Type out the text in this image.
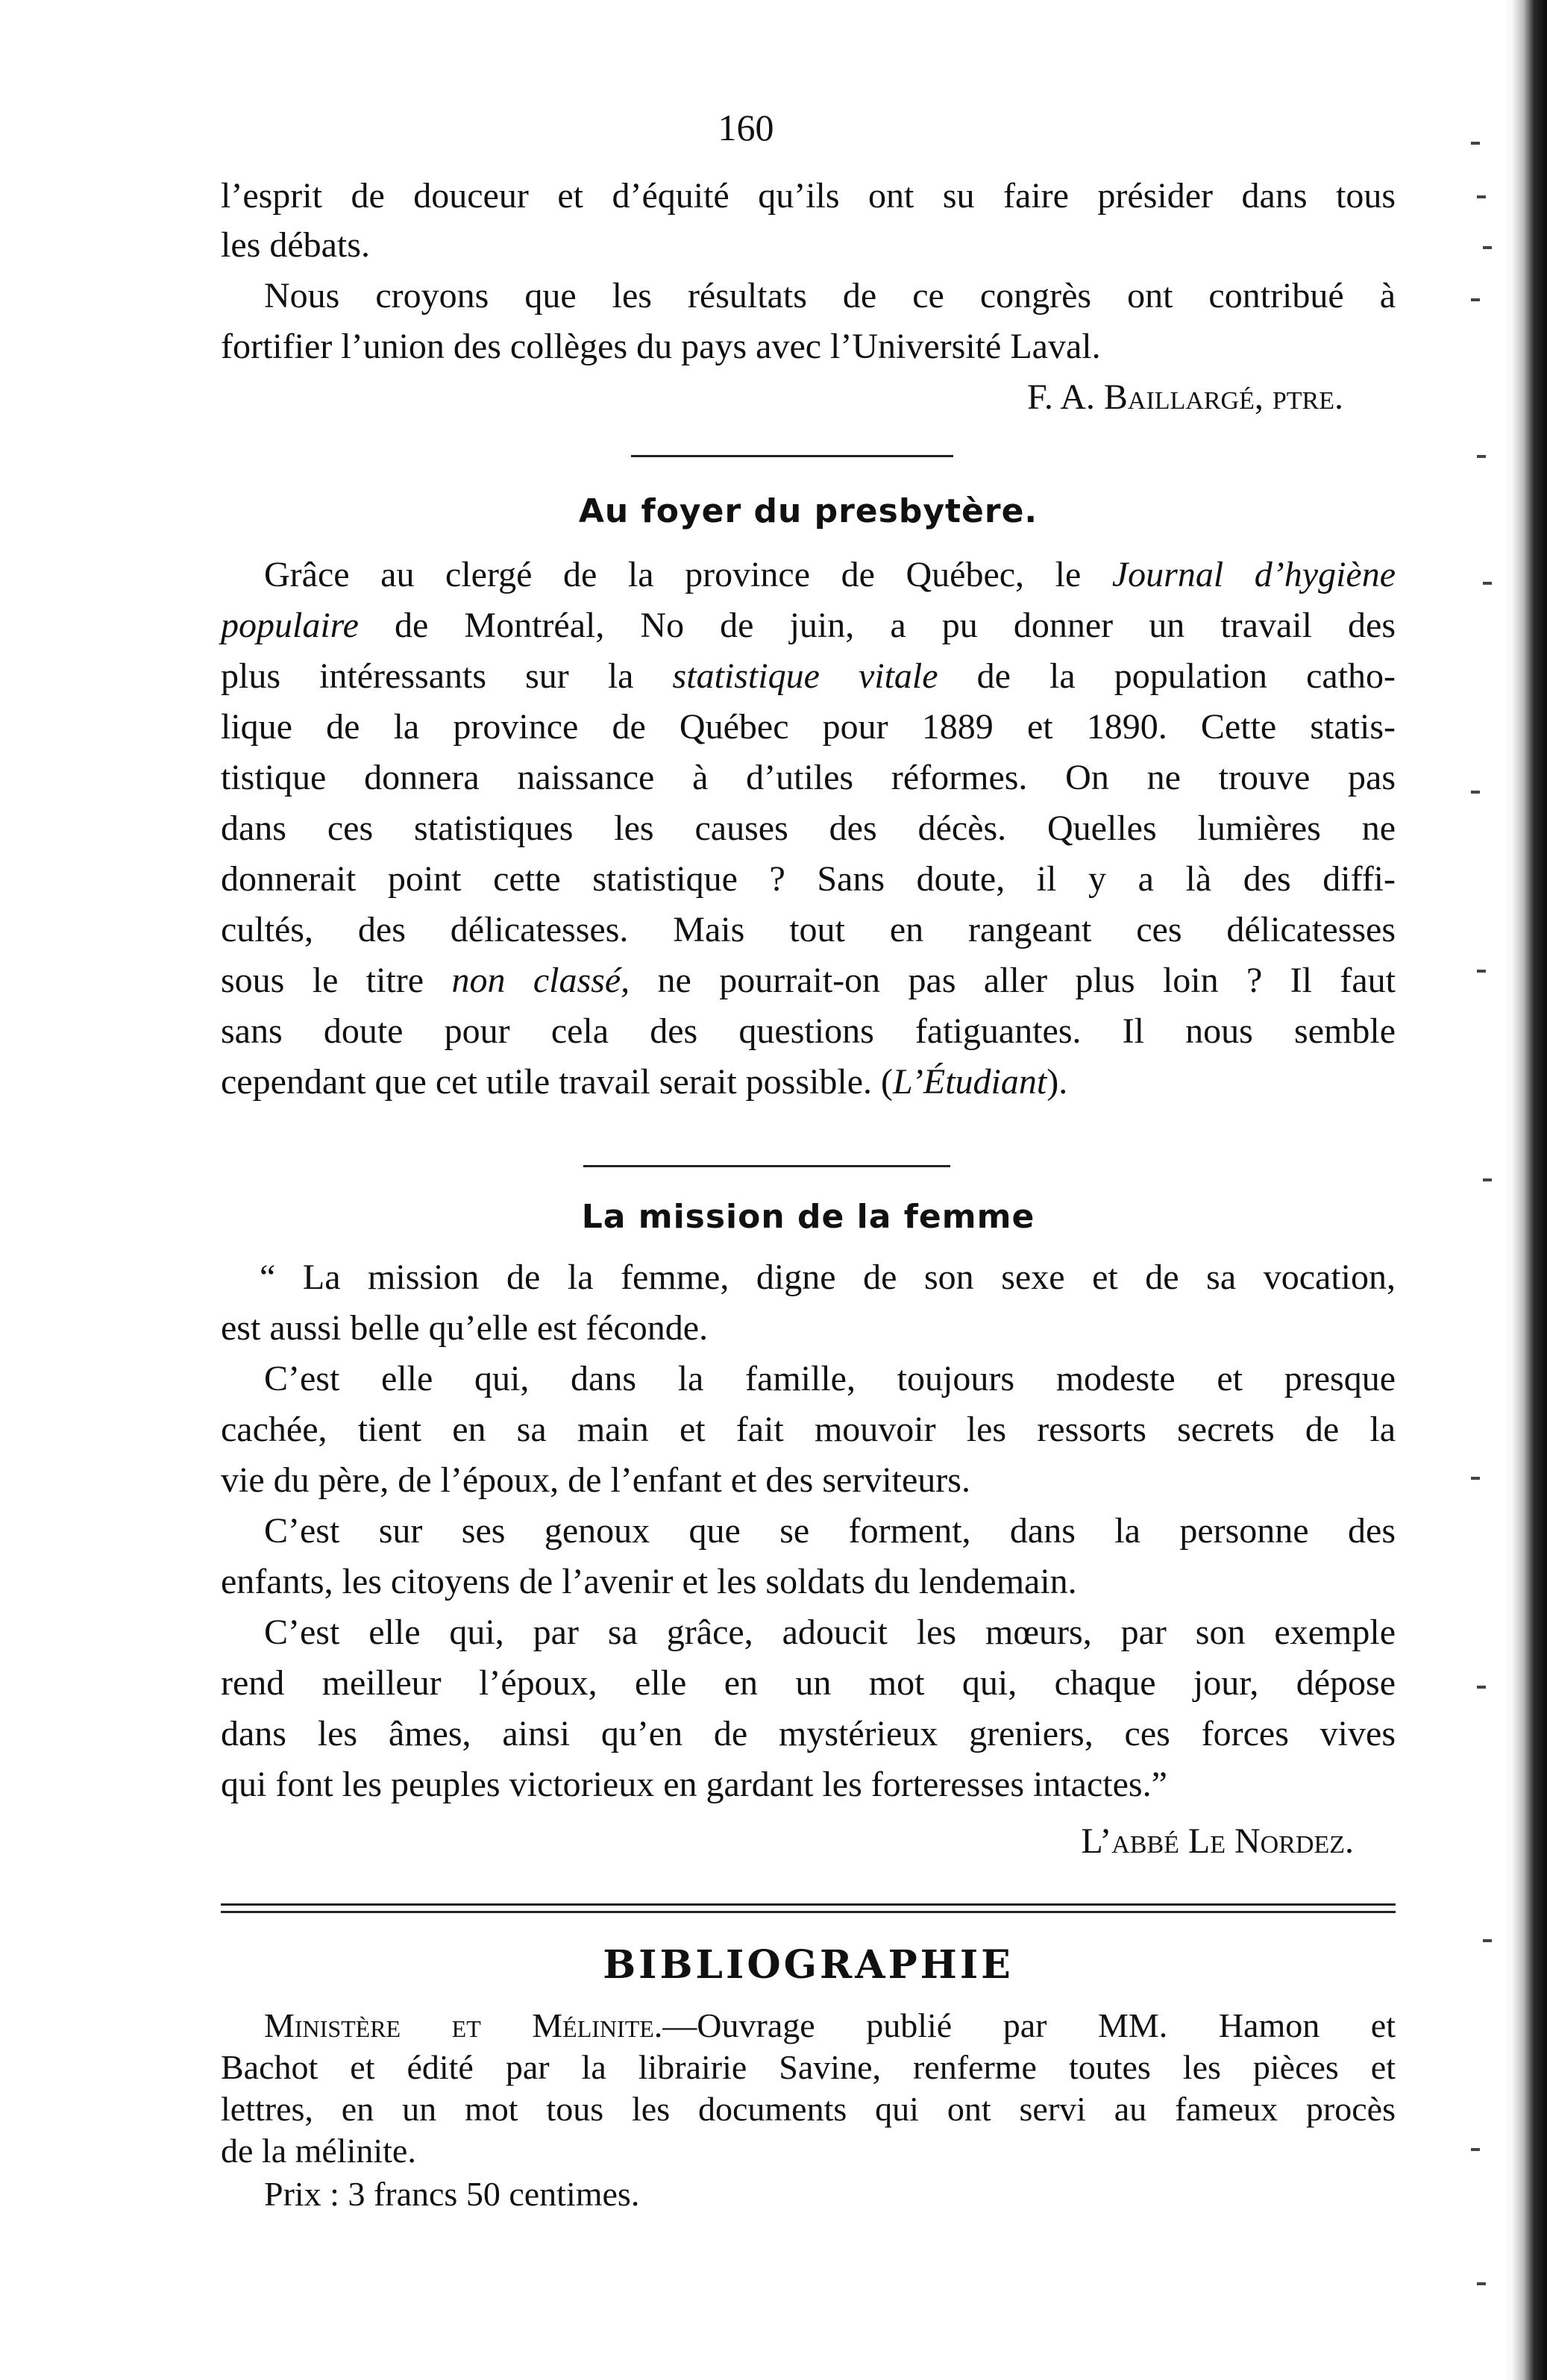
160
l’esprit de douceur et d’équité qu’ils ont su faire présider dans tous
les débats.
Nous croyons que les résultats de ce congrès ont contribué à
fortifier l’union des collèges du pays avec l’Université Laval.
F. A. Baillargé, ptre.
Au foyer du presbytère.
Grâce au clergé de la province de Québec, le Journal d’hygiène
populaire de Montréal, No de juin, a pu donner un travail des
plus intéressants sur la statistique vitale de la population catho-
lique de la province de Québec pour 1889 et 1890. Cette statis-
tistique donnera naissance à d’utiles réformes. On ne trouve pas
dans ces statistiques les causes des décès. Quelles lumières ne
donnerait point cette statistique ? Sans doute, il y a là des diffi-
cultés, des délicatesses. Mais tout en rangeant ces délicatesses
sous le titre non classé, ne pourrait-on pas aller plus loin ? Il faut
sans doute pour cela des questions fatiguantes. Il nous semble
cependant que cet utile travail serait possible. (L’Étudiant).
La mission de la femme
“ La mission de la femme, digne de son sexe et de sa vocation,
est aussi belle qu’elle est féconde.
C’est elle qui, dans la famille, toujours modeste et presque
cachée, tient en sa main et fait mouvoir les ressorts secrets de la
vie du père, de l’époux, de l’enfant et des serviteurs.
C’est sur ses genoux que se forment, dans la personne des
enfants, les citoyens de l’avenir et les soldats du lendemain.
C’est elle qui, par sa grâce, adoucit les mœurs, par son exemple
rend meilleur l’époux, elle en un mot qui, chaque jour, dépose
dans les âmes, ainsi qu’en de mystérieux greniers, ces forces vives
qui font les peuples victorieux en gardant les forteresses intactes.”
L’abbé Le Nordez.
BIBLIOGRAPHIE
Ministère et Mélinite.—Ouvrage publié par MM. Hamon et
Bachot et édité par la librairie Savine, renferme toutes les pièces et
lettres, en un mot tous les documents qui ont servi au fameux procès
de la mélinite.
Prix : 3 francs 50 centimes.
